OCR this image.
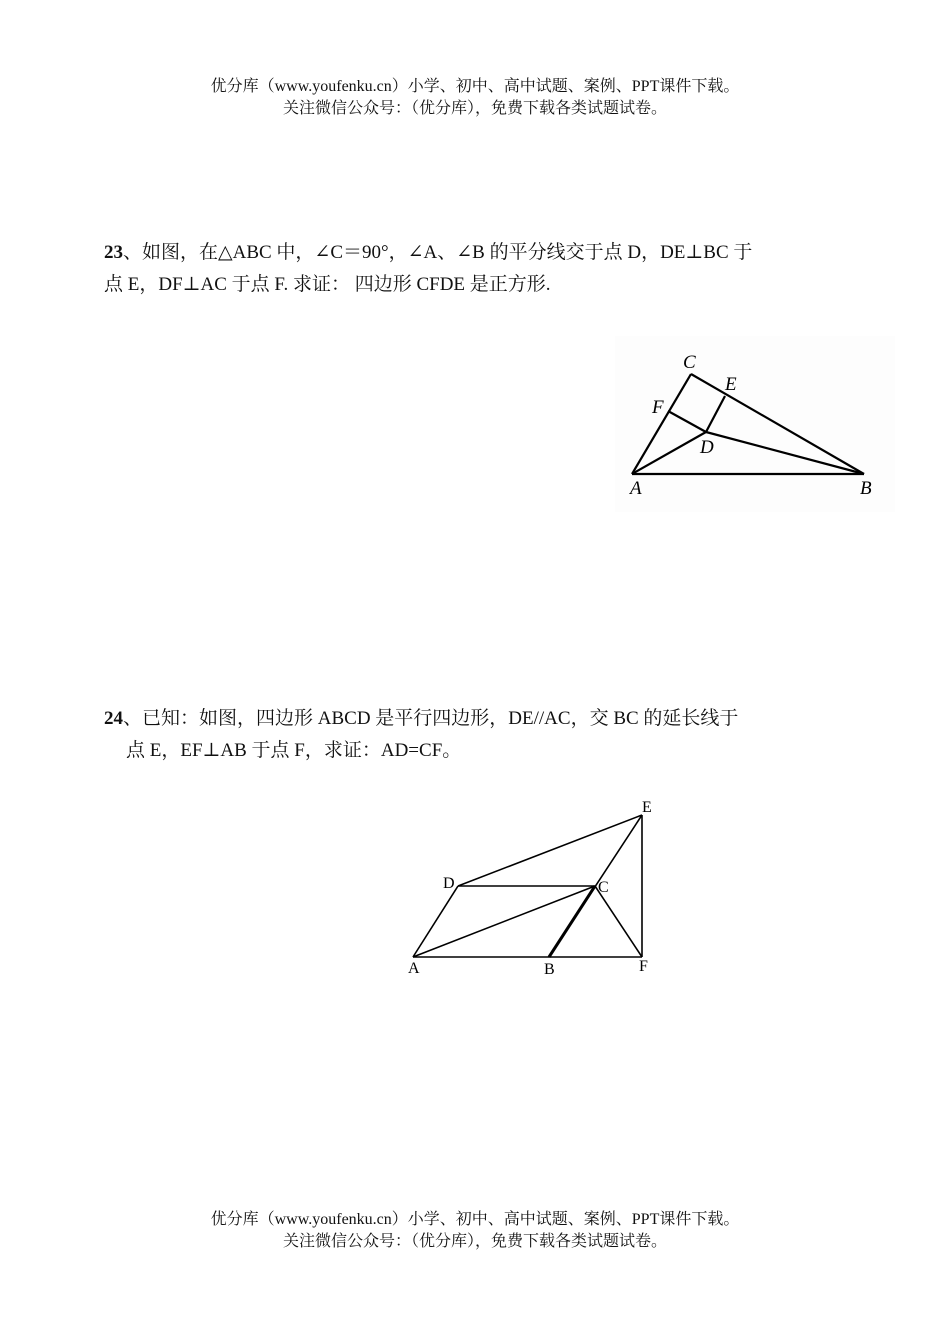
优分库（www.youfenku.cn）小学、初中、高中试题、案例、PPT课件下载。
关注微信公众号：（优分库），免费下载各类试题试卷。

23、如图，在△ABC 中，∠C＝90°，∠A、∠B 的平分线交于点 D，DE⊥BC 于

点 E，DF⊥AC 于点 F. 求证： 四边形 CFDE 是正方形.

C
E
F
D
A	B

24、已知：如图，四边形 ABCD 是平行四边形，DE//AC，交 BC 的延长线于

点 E，EF⊥AB 于点 F，求证：AD=CF。

E
D	C
A	B	F
优分库（www.youfenku.cn）小学、初中、高中试题、案例、PPT课件下载。
关注微信公众号：（优分库），免费下载各类试题试卷。
